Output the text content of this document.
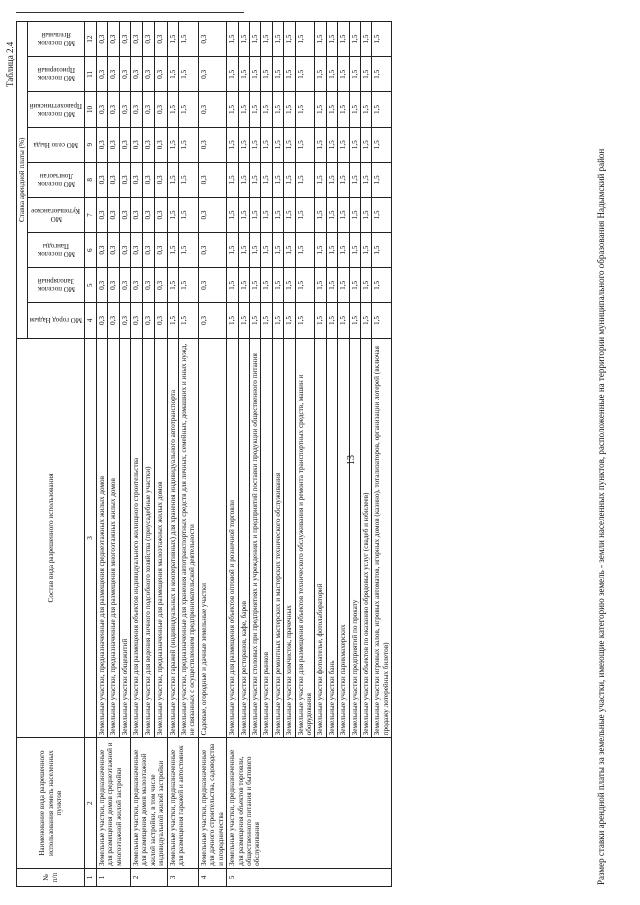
Размер ставки арендной платы за земельные участки, имеющие категорию земель - земли населенных пунктов, расположенные на территории муниципального образования Надымский район
13
Таблица 2.4
№ п/п	Наименование вида разрешенного использования земель населенных пунктов	Состав вида разрешенного использования	Ставка арендной платы (%)								

			МО город Надым	МО поселок Заполярный	МО поселок Пангоды	МО Кутопьюганское	МО поселок Лонгъюган	МО село Ныда	МО поселок Правохеттинский	МО поселок Приозерный	МО поселок Ягельный

1	2	3	4	5	6	7	8	9	10	11	12
1	Земельные участки, предназначенные для размещения домов среднеэтажной и многоэтажной жилой застройки	Земельные участки, предназначенные для размещения среднеэтажных жилых домов	0,3	0,3	0,3	0,3	0,3	0,3	0,3	0,3	0,3
		Земельные участки, предназначенные для размещения многоэтажных жилых домов	0,3	0,3	0,3	0,3	0,3	0,3	0,3	0,3	0,3
		Земельные участки общежитий	0,3	0,3	0,3	0,3	0,3	0,3	0,3	0,3	0,3
2	Земельные участки, предназначенные для размещения домов малоэтажной жилой застройки, в том числе индивидуальной жилой застройки	Земельные участки для размещения объектов индивидуального жилищного строительства	0,3	0,3	0,3	0,3	0,3	0,3	0,3	0,3	0,3
		Земельные участки для ведения личного подсобного хозяйства (приусадебные участки)	0,3	0,3	0,3	0,3	0,3	0,3	0,3	0,3	0,3
		Земельные участки, предназначенные для размещения малоэтажных жилых домов	0,3	0,3	0,3	0,3	0,3	0,3	0,3	0,3	0,3
3	Земельные участки, предназначенные для размещения гаражей и автостоянок	Земельные участки гаражей (индивидуальных и кооперативных) для хранения индивидуального автотранспорта	1,5	1,5	1,5	1,5	1,5	1,5	1,5	1,5	1,5
		Земельные участки, предназначенные для хранения автотранспортных средств для личных, семейных, домашних и иных нужд, не связанных с осуществлением предпринимательской деятельности	1,5	1,5	1,5	1,5	1,5	1,5	1,5	1,5	1,5
4	Земельные участки, предназначенные для дачного строительства, садоводства и огородничества	Садовые, огородные и дачные земельные участки	0,3	0,3	0,3	0,3	0,3	0,3	0,3	0,3	0,3
5	Земельные участки, предназначенные для размещения объектов торговли, общественного питания и бытового обслуживания	Земельные участки для размещения объектов оптовой и розничной торговли	1,5	1,5	1,5	1,5	1,5	1,5	1,5	1,5	1,5
		Земельные участки ресторанов, кафе, баров	1,5	1,5	1,5	1,5	1,5	1,5	1,5	1,5	1,5
		Земельные участки столовых при предприятиях и учреждениях и предприятий поставки продукции общественного питания	1,5	1,5	1,5	1,5	1,5	1,5	1,5	1,5	1,5
		Земельные участки рынков	1,5	1,5	1,5	1,5	1,5	1,5	1,5	1,5	1,5
		Земельные участки ремонтных мастерских и мастерских технического обслуживания	1,5	1,5	1,5	1,5	1,5	1,5	1,5	1,5	1,5
		Земельные участки химчисток, прачечных	1,5	1,5	1,5	1,5	1,5	1,5	1,5	1,5	1,5
		Земельные участки для размещения объектов технического обслуживания и ремонта транспортных средств, машин и оборудования	1,5	1,5	1,5	1,5	1,5	1,5	1,5	1,5	1,5
		Земельные участки фотоателье, фотолабораторий	1,5	1,5	1,5	1,5	1,5	1,5	1,5	1,5	1,5
		Земельные участки бань	1,5	1,5	1,5	1,5	1,5	1,5	1,5	1,5	1,5
		Земельные участки парикмахерских	1,5	1,5	1,5	1,5	1,5	1,5	1,5	1,5	1,5
		Земельные участки предприятий по прокату	1,5	1,5	1,5	1,5	1,5	1,5	1,5	1,5	1,5
		Земельные участки объектов по оказанию обрядовых услуг (свадеб и юбилеев)	1,5	1,5	1,5	1,5	1,5	1,5	1,5	1,5	1,5
		Земельные участки игровых залов, игровых автоматов, игорных домов (казино), тотализаторов, организации лотерей (включая продажу лотерейных билетов)	1,5	1,5	1,5	1,5	1,5	1,5	1,5	1,5	1,5
